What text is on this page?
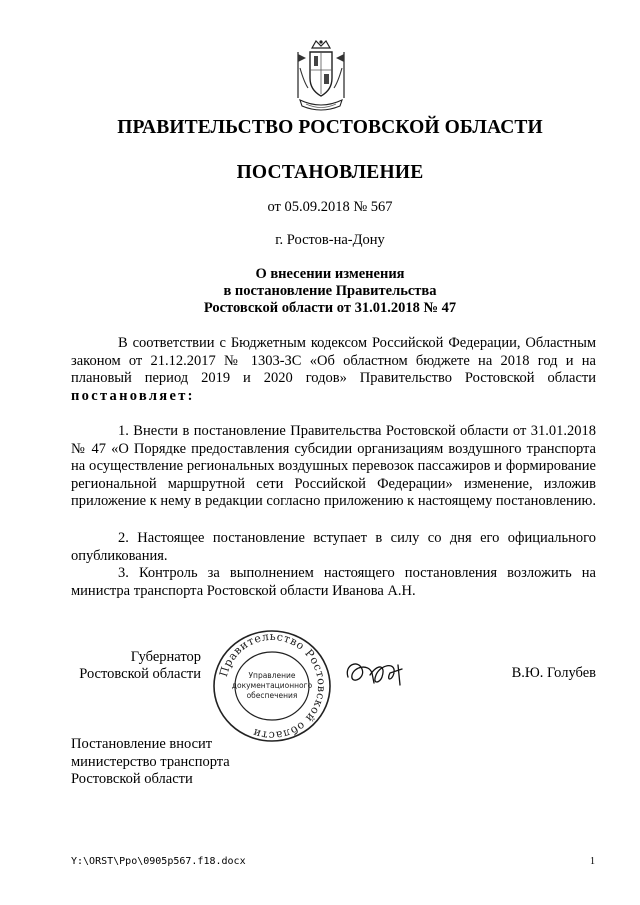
ПРАВИТЕЛЬСТВО РОСТОВСКОЙ ОБЛАСТИ
ПОСТАНОВЛЕНИЕ
от 05.09.2018 № 567
г. Ростов-на-Дону
О внесении изменения
в постановление Правительства
Ростовской области от 31.01.2018 № 47
В соответствии с Бюджетным кодексом Российской Федерации, Областным законом от 21.12.2017 № 1303-ЗС «Об областном бюджете на 2018 год и на плановый период 2019 и 2020 годов» Правительство Ростовской области постановляет:
1. Внести в постановление Правительства Ростовской области от 31.01.2018 № 47 «О Порядке предоставления субсидии организациям воздушного транспорта на осуществление региональных воздушных перевозок пассажиров и формирование региональной маршрутной сети Российской Федерации» изменение, изложив приложение к нему в редакции согласно приложению к настоящему постановлению.
2. Настоящее постановление вступает в силу со дня его официального опубликования.
3. Контроль за выполнением настоящего постановления возложить на министра транспорта Ростовской области Иванова А.Н.
Губернатор
Ростовской области Правительство Ростовской области
Управление
документационного
обеспечения
В.Ю. Голубев
Постановление вносит
министерство транспорта
Ростовской области
Y:\ORST\Ppo\0905p567.f18.docx	1
